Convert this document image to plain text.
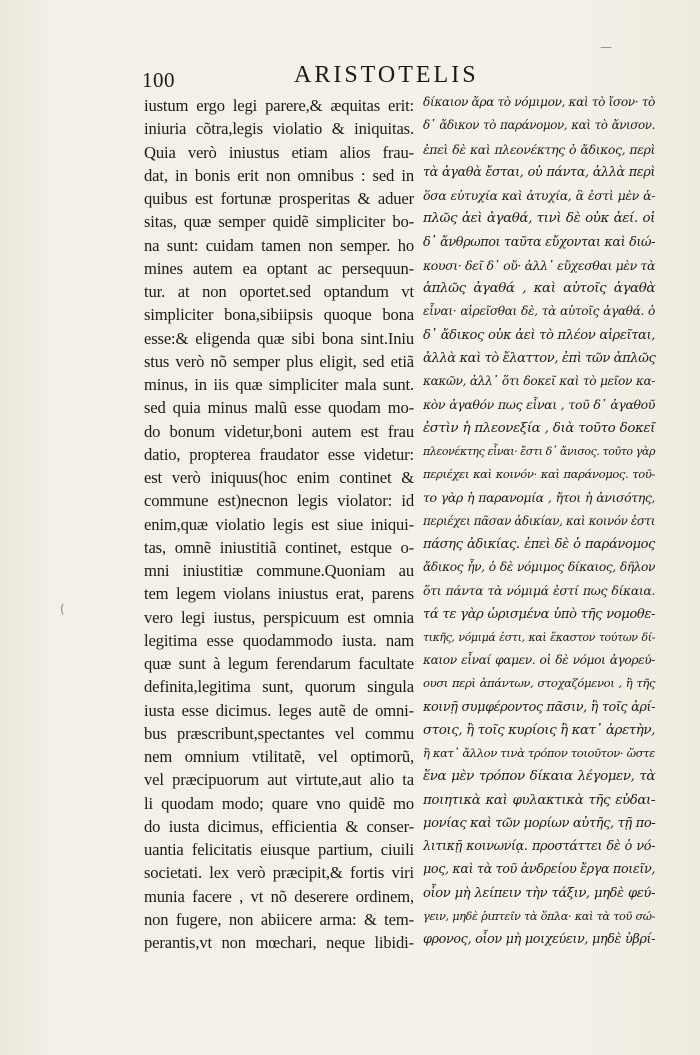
100	ARISTOTELIS
iustum ergo legi parere,& æquitas erit:
iniuria cõtra,legis violatio & iniquitas.
Quia verò iniustus etiam alios frau-
dat, in bonis erit non omnibus : sed in
quibus est fortunæ prosperitas & aduer
sitas, quæ semper quidẽ simpliciter bo-
na sunt: cuidam tamen non semper. ho
mines autem ea optant ac persequun-
tur. at non oportet.sed optandum vt
simpliciter bona,sibiipsis quoque bona
esse:& eligenda quæ sibi bona sint.Iniu
stus verò nõ semper plus eligit, sed etiã
minus, in iis quæ simpliciter mala sunt.
sed quia minus malũ esse quodam mo-
do bonum videtur,boni autem est frau
datio, propterea fraudator esse videtur:
est verò iniquus(hoc enim continet &
commune est)necnon legis violator: id
enim,quæ violatio legis est siue iniqui-
tas, omnẽ iniustitiã continet, estque o-
mni iniustitiæ commune.Quoniam au
tem legem violans iniustus erat, parens
vero legi iustus, perspicuum est omnia
legitima esse quodammodo iusta. nam
quæ sunt à legum ferendarum facultate
definita,legitima sunt, quorum singula
iusta esse dicimus. leges autẽ de omni-
bus præscribunt,spectantes vel commu
nem omnium vtilitatẽ, vel optimorũ,
vel præcipuorum aut virtute,aut alio ta
li quodam modo; quare vno quidẽ mo
do iusta dicimus, efficientia & conser-
uantia felicitatis eiusque partium, ciuili
societati. lex verò præcipit,& fortis viri
munia facere , vt nõ deserere ordinem,
non fugere, non abiicere arma: & tem-
perantis,vt non mœchari, neque libidi-
δίκαιον ἄρα τὸ νόμιμον, καὶ τὸ ἴσον· τὸ
δ᾽ ἄδικον τὸ παράνομον, καὶ τὸ ἄνισον.
ἐπεὶ δὲ καὶ πλεονέκτης ὁ ἄδικος, περὶ
τὰ ἀγαθὰ ἔσται, οὐ πάντα, ἀλλὰ περὶ
ὅσα εὐτυχία καὶ ἀτυχία, ἃ ἐστὶ μὲν ἁ-
πλῶς ἀεὶ ἀγαθά, τινὶ δὲ οὐκ ἀεί. οἱ
δ᾽ ἄνθρωποι ταῦτα εὔχονται καὶ διώ-
κουσι· δεῖ δ᾽ οὔ· ἀλλ᾽ εὔχεσθαι μὲν τὰ
ἁπλῶς ἀγαθά , καὶ αὑτοῖς ἀγαθὰ
εἶναι· αἱρεῖσθαι δὲ, τὰ αὑτοῖς ἀγαθά. ὁ
δ᾽ ἄδικος οὐκ ἀεὶ τὸ πλέον αἱρεῖται,
ἀλλὰ καὶ τὸ ἔλαττον, ἐπὶ τῶν ἁπλῶς
κακῶν, ἀλλ᾽ ὅτι δοκεῖ καὶ τὸ μεῖον κα-
κὸν ἀγαθόν πως εἶναι , τοῦ δ᾽ ἀγαθοῦ
ἐστὶν ἡ πλεονεξία , διὰ τοῦτο δοκεῖ
πλεονέκτης εἶναι· ἔστι δ᾽ ἄνισος. τοῦτο γὰρ
περιέχει καὶ κοινόν· καὶ παράνομος. τοῦ-
το γὰρ ἡ παρανομία , ἤτοι ἡ ἀνισότης,
περιέχει πᾶσαν ἀδικίαν, καὶ κοινόν ἐστι
πάσης ἀδικίας. ἐπεὶ δὲ ὁ παράνομος
ἄδικος ἦν, ὁ δὲ νόμιμος δίκαιος, δῆλον
ὅτι πάντα τὰ νόμιμά ἐστί πως δίκαια.
τά τε γὰρ ὡρισμένα ὑπὸ τῆς νομοθε-
τικῆς, νόμιμά ἐστι, καὶ ἕκαστον τούτων δί-
καιον εἶναί φαμεν. οἱ δὲ νόμοι ἀγορεύ-
ουσι περὶ ἁπάντων, στοχαζόμενοι , ἢ τῆς
κοινῇ συμφέροντος πᾶσιν, ἢ τοῖς ἀρί-
στοις, ἢ τοῖς κυρίοις ἢ κατ᾽ ἀρετὴν,
ἢ κατ᾽ ἄλλον τινὰ τρόπον τοιοῦτον· ὥστε
ἕνα μὲν τρόπον δίκαια λέγομεν, τὰ
ποιητικὰ καὶ φυλακτικὰ τῆς εὐδαι-
μονίας καὶ τῶν μορίων αὐτῆς, τῇ πο-
λιτικῇ κοινωνίᾳ. προστάττει δὲ ὁ νό-
μος, καὶ τὰ τοῦ ἀνδρείου ἔργα ποιεῖν,
οἷον μὴ λείπειν τὴν τάξιν, μηδὲ φεύ-
γειν, μηδὲ ῥιπτεῖν τὰ ὅπλα· καὶ τὰ τοῦ σώ-
φρονος, οἷον μὴ μοιχεύειν, μηδὲ ὑβρί-
—
(
